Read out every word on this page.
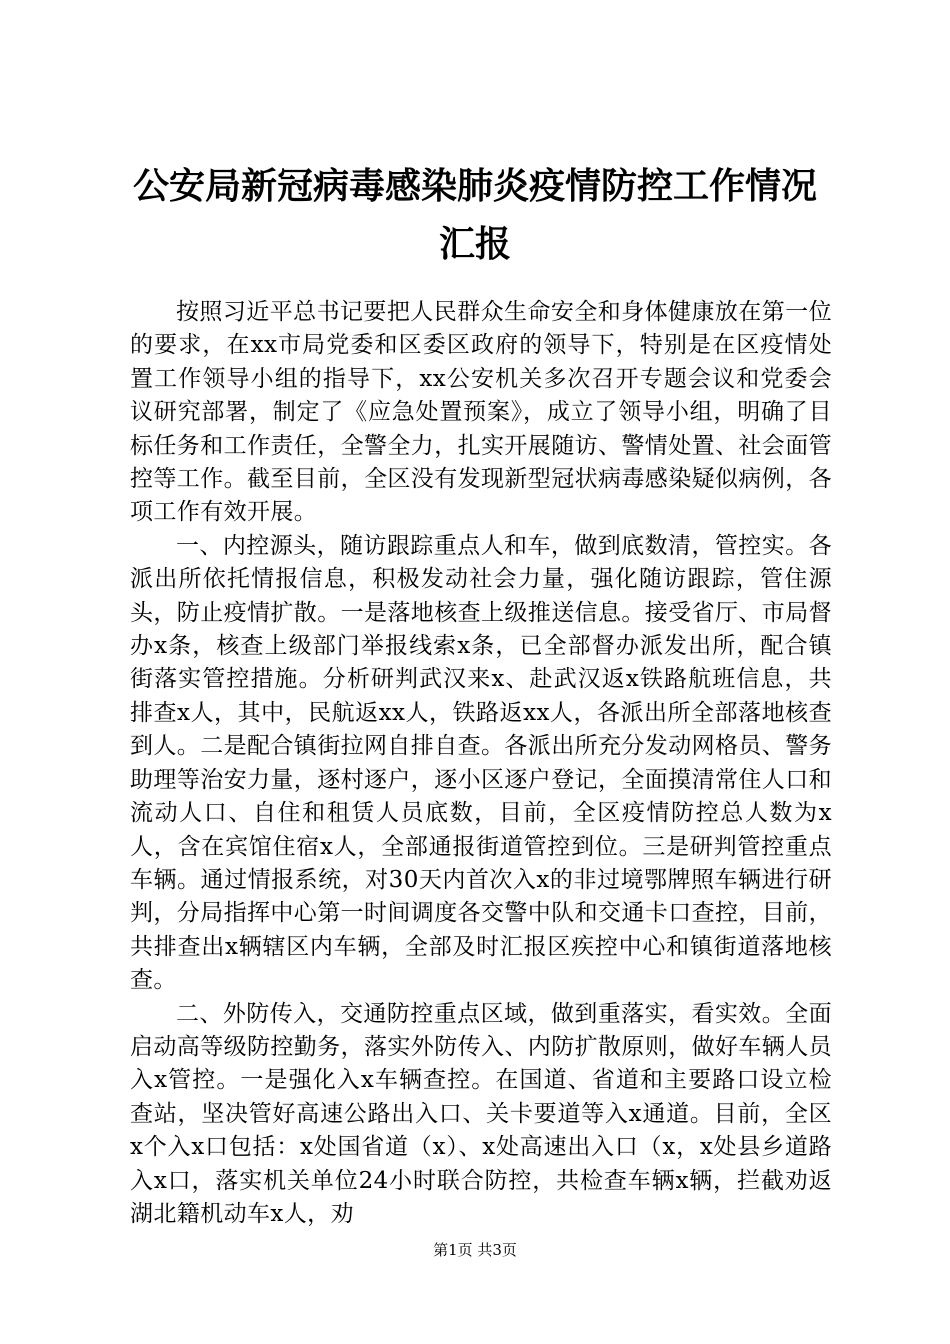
公安局新冠病毒感染肺炎疫情防控工作情况汇报

按照习近平总书记要把人民群众生命安全和身体健康放在第一位的要求，在xx市局党委和区委区政府的领导下，特别是在区疫情处置工作领导小组的指导下，xx公安机关多次召开专题会议和党委会议研究部署，制定了《应急处置预案》，成立了领导小组，明确了目标任务和工作责任，全警全力，扎实开展随访、警情处置、社会面管控等工作。截至目前，全区没有发现新型冠状病毒感染疑似病例，各项工作有效开展。

一、内控源头，随访跟踪重点人和车，做到底数清，管控实。各派出所依托情报信息，积极发动社会力量，强化随访跟踪，管住源头，防止疫情扩散。一是落地核查上级推送信息。接受省厅、市局督办x条，核查上级部门举报线索x条，已全部督办派发出所，配合镇街落实管控措施。分析研判武汉来x、赴武汉返x铁路航班信息，共排查x人，其中，民航返xx人，铁路返xx人，各派出所全部落地核查到人。二是配合镇街拉网自排自查。各派出所充分发动网格员、警务助理等治安力量，逐村逐户，逐小区逐户登记，全面摸清常住人口和流动人口、自住和租赁人员底数，目前，全区疫情防控总人数为x人，含在宾馆住宿x人，全部通报街道管控到位。三是研判管控重点车辆。通过情报系统，对30天内首次入x的非过境鄂牌照车辆进行研判，分局指挥中心第一时间调度各交警中队和交通卡口查控，目前，共排查出x辆辖区内车辆，全部及时汇报区疾控中心和镇街道落地核查。

二、外防传入，交通防控重点区域，做到重落实，看实效。全面启动高等级防控勤务，落实外防传入、内防扩散原则，做好车辆人员入x管控。一是强化入x车辆查控。在国道、省道和主要路口设立检查站，坚决管好高速公路出入口、关卡要道等入x通道。目前，全区x个入x口包括：x处国省道（x）、x处高速出入口（x，x处县乡道路入x口，落实机关单位24小时联合防控，共检查车辆x辆，拦截劝返湖北籍机动车x人，劝

第1页 共3页
